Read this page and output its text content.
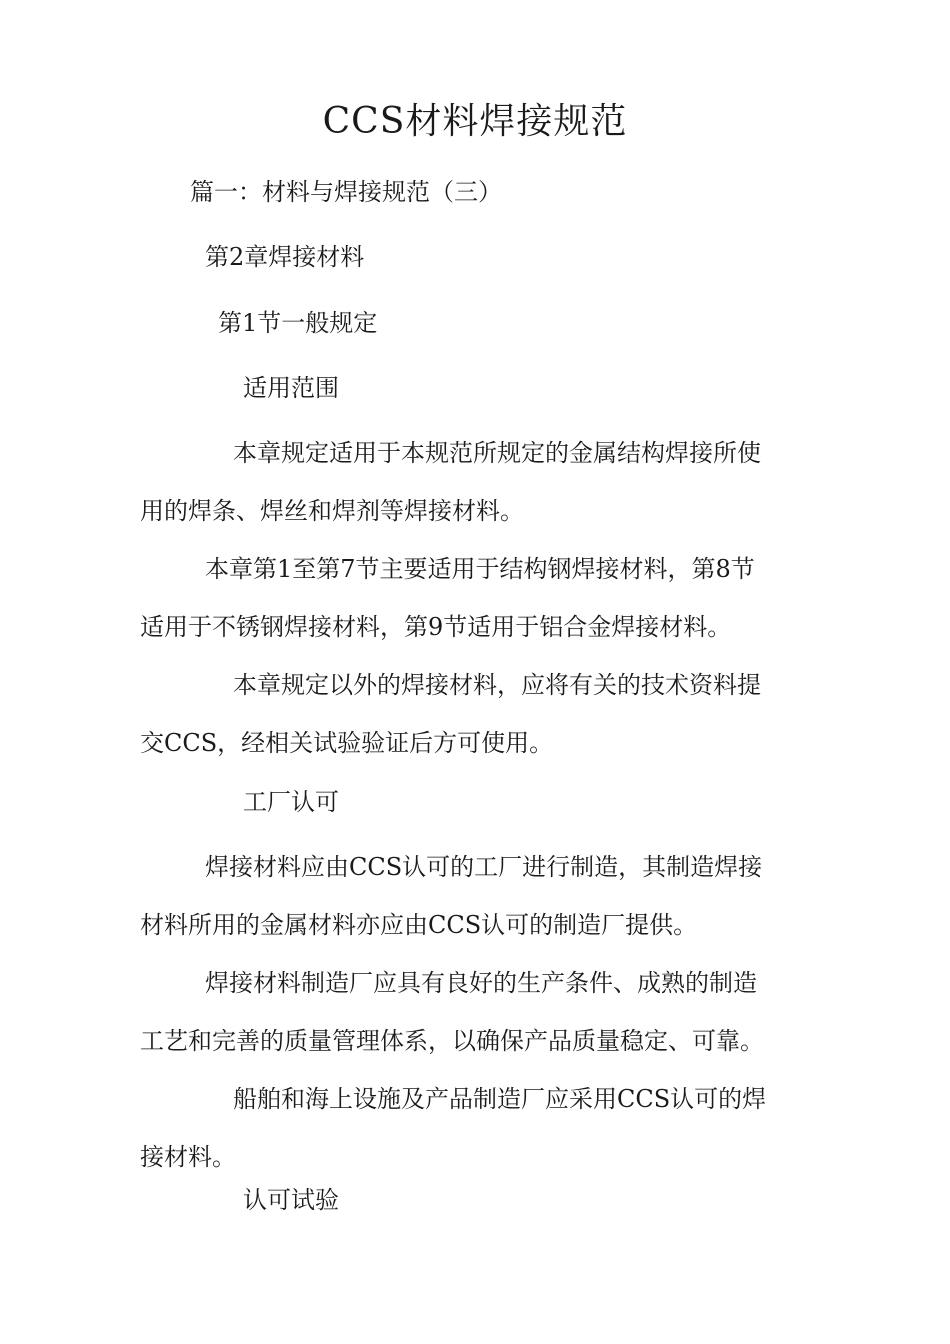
CCS材料焊接规范
篇一：材料与焊接规范（三）
第2章焊接材料
第1节一般规定
适用范围
本章规定适用于本规范所规定的金属结构焊接所使
用的焊条、焊丝和焊剂等焊接材料。
本章第1至第7节主要适用于结构钢焊接材料，第8节
适用于不锈钢焊接材料，第9节适用于铝合金焊接材料。
本章规定以外的焊接材料，应将有关的技术资料提
交CCS，经相关试验验证后方可使用。
工厂认可
焊接材料应由CCS认可的工厂进行制造，其制造焊接
材料所用的金属材料亦应由CCS认可的制造厂提供。
焊接材料制造厂应具有良好的生产条件、成熟的制造
工艺和完善的质量管理体系，以确保产品质量稳定、可靠。
船舶和海上设施及产品制造厂应采用CCS认可的焊
接材料。
认可试验
